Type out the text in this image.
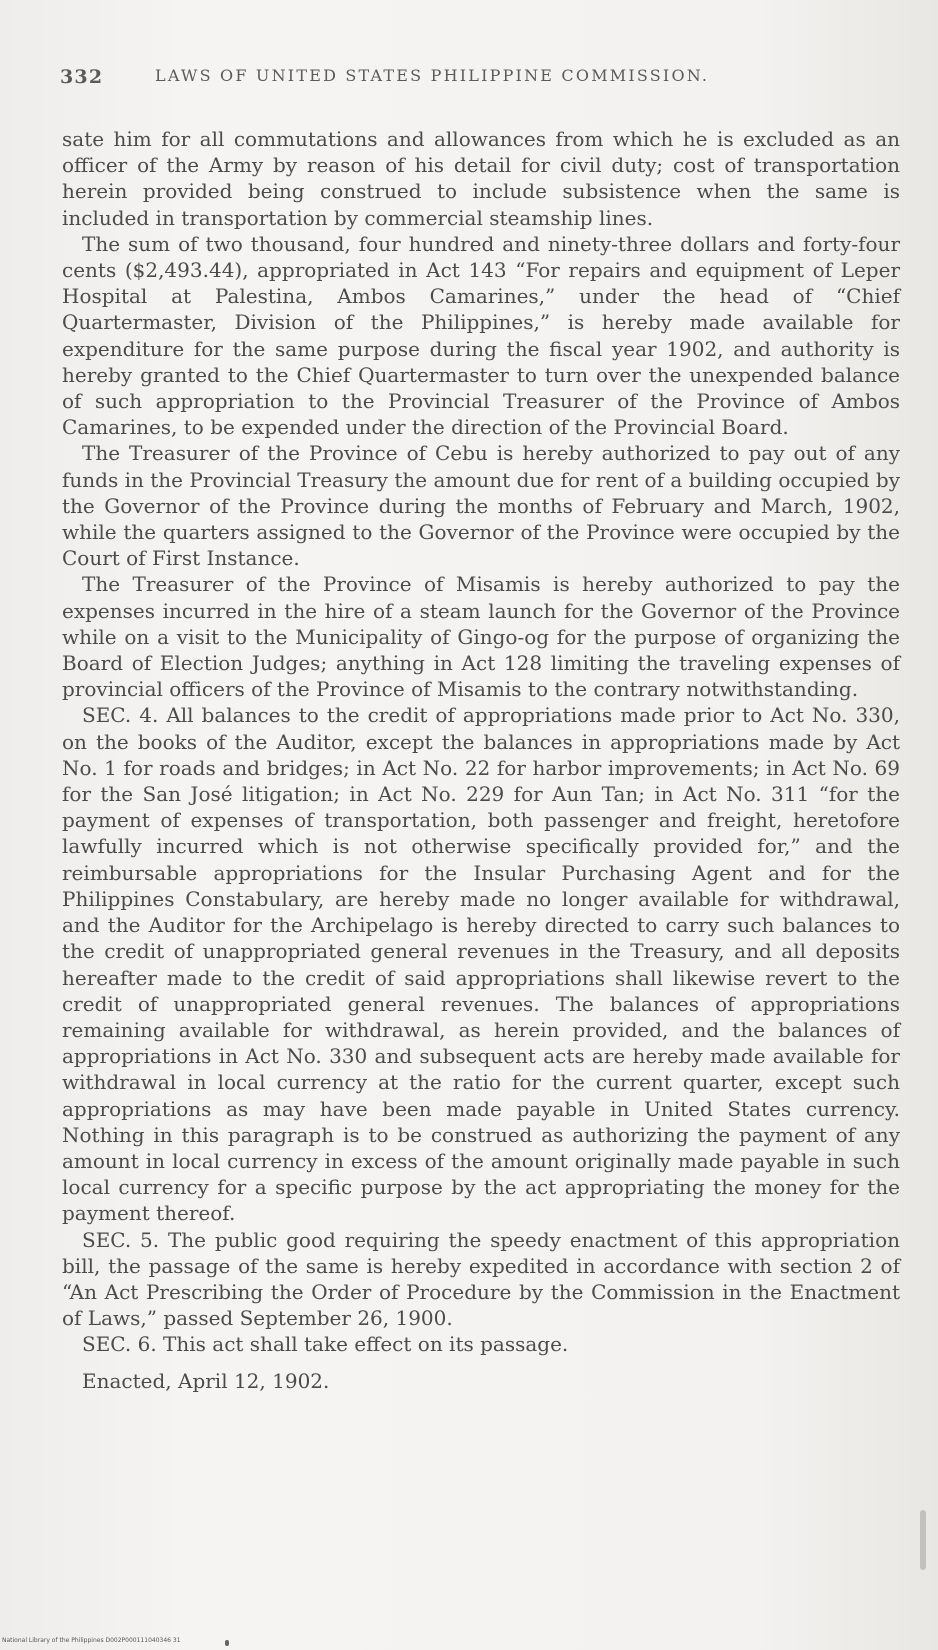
332	LAWS OF UNITED STATES PHILIPPINE COMMISSION.

sate him for all commutations and allowances from which he is excluded as an officer of the Army by reason of his detail for civil duty; cost of transportation herein provided being construed to include subsistence when the same is included in transportation by commercial steamship lines.

The sum of two thousand, four hundred and ninety-three dollars and forty-four cents ($2,493.44), appropriated in Act 143 “For repairs and equipment of Leper Hospital at Palestina, Ambos Camarines,” under the head of “Chief Quartermaster, Division of the Philippines,” is hereby made available for expenditure for the same purpose during the fiscal year 1902, and authority is hereby granted to the Chief Quartermaster to turn over the unexpended balance of such appropriation to the Provincial Treasurer of the Province of Ambos Camarines, to be expended under the direction of the Provincial Board.

The Treasurer of the Province of Cebu is hereby authorized to pay out of any funds in the Provincial Treasury the amount due for rent of a building occupied by the Governor of the Province during the months of February and March, 1902, while the quarters assigned to the Governor of the Province were occupied by the Court of First Instance.

The Treasurer of the Province of Misamis is hereby authorized to pay the expenses incurred in the hire of a steam launch for the Governor of the Province while on a visit to the Municipality of Gingo-og for the purpose of organizing the Board of Election Judges; anything in Act 128 limiting the traveling expenses of provincial officers of the Province of Misamis to the contrary notwithstanding.

SEC. 4. All balances to the credit of appropriations made prior to Act No. 330, on the books of the Auditor, except the balances in appropriations made by Act No. 1 for roads and bridges; in Act No. 22 for harbor improvements; in Act No. 69 for the San José litigation; in Act No. 229 for Aun Tan; in Act No. 311 “for the payment of expenses of transportation, both passenger and freight, heretofore lawfully incurred which is not otherwise specifically provided for,” and the reimbursable appropriations for the Insular Purchasing Agent and for the Philippines Constabulary, are hereby made no longer available for withdrawal, and the Auditor for the Archipelago is hereby directed to carry such balances to the credit of unappropriated general revenues in the Treasury, and all deposits hereafter made to the credit of said appropriations shall likewise revert to the credit of unappropriated general revenues. The balances of appropriations remaining available for withdrawal, as herein provided, and the balances of appropriations in Act No. 330 and subsequent acts are hereby made available for withdrawal in local currency at the ratio for the current quarter, except such appropriations as may have been made payable in United States currency. Nothing in this paragraph is to be construed as authorizing the payment of any amount in local currency in excess of the amount originally made payable in such local currency for a specific purpose by the act appropriating the money for the payment thereof.

SEC. 5. The public good requiring the speedy enactment of this appropriation bill, the passage of the same is hereby expedited in accordance with section 2 of “An Act Prescribing the Order of Procedure by the Commission in the Enactment of Laws,” passed September 26, 1900.

SEC. 6. This act shall take effect on its passage.

Enacted, April 12, 1902.

National Library of the Philippines D002P000111040346 31
